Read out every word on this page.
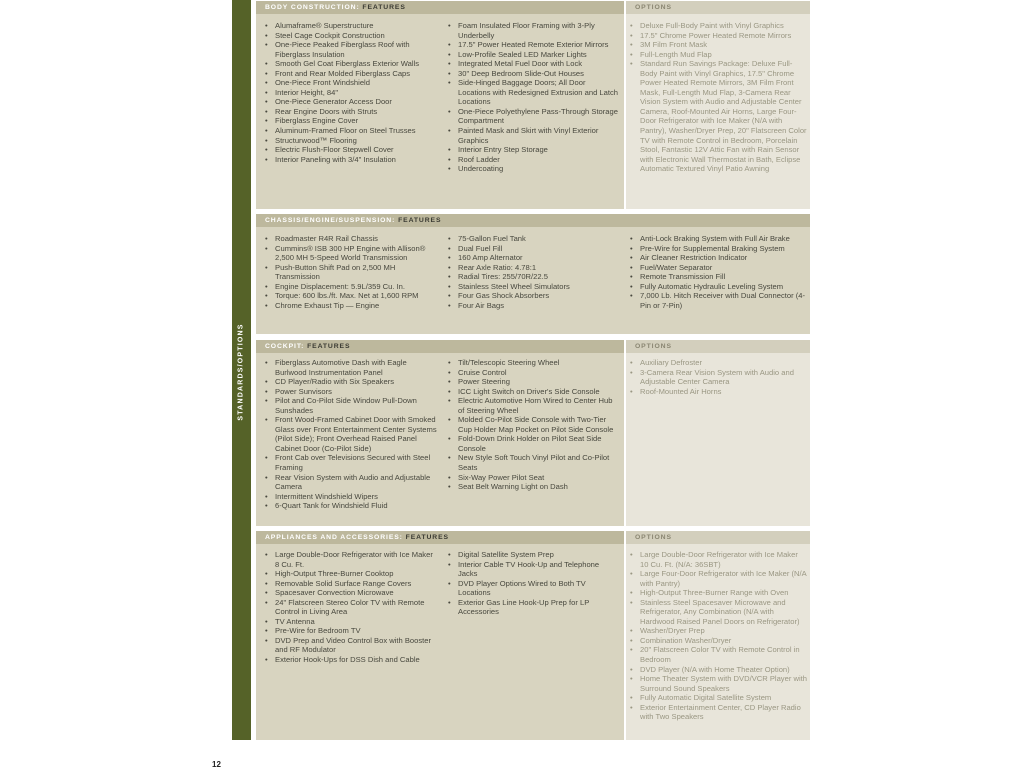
STANDARDS/OPTIONS
BODY CONSTRUCTION: FEATURES	OPTIONS
• Alumaframe® Superstructure
• Steel Cage Cockpit Construction
• One-Piece Peaked Fiberglass Roof with Fiberglass Insulation
• Smooth Gel Coat Fiberglass Exterior Walls
• Front and Rear Molded Fiberglass Caps
• One-Piece Front Windshield
• Interior Height, 84"
• One-Piece Generator Access Door
• Rear Engine Doors with Struts
• Fiberglass Engine Cover
• Aluminum-Framed Floor on Steel Trusses
• Structurwood™ Flooring
• Electric Flush-Floor Stepwell Cover
• Interior Paneling with 3/4" Insulation
• Foam Insulated Floor Framing with 3-Ply Underbelly
• 17.5" Power Heated Remote Exterior Mirrors
• Low-Profile Sealed LED Marker Lights
• Integrated Metal Fuel Door with Lock
• 30" Deep Bedroom Slide-Out Houses
• Side-Hinged Baggage Doors; All Door Locations with Redesigned Extrusion and Latch Locations
• One-Piece Polyethylene Pass-Through Storage Compartment
• Painted Mask and Skirt with Vinyl Exterior Graphics
• Interior Entry Step Storage
• Roof Ladder
• Undercoating
• Deluxe Full-Body Paint with Vinyl Graphics
• 17.5" Chrome Power Heated Remote Mirrors
• 3M Film Front Mask
• Full-Length Mud Flap
• Standard Run Savings Package: Deluxe Full-Body Paint with Vinyl Graphics, 17.5" Chrome Power Heated Remote Mirrors, 3M Film Front Mask, Full-Length Mud Flap, 3-Camera Rear Vision System with Audio and Adjustable Center Camera, Roof-Mounted Air Horns, Large Four-Door Refrigerator with Ice Maker (N/A with Pantry), Washer/Dryer Prep, 20" Flatscreen Color TV with Remote Control in Bedroom, Porcelain Stool, Fantastic 12V Attic Fan with Rain Sensor with Electronic Wall Thermostat in Bath, Eclipse Automatic Textured Vinyl Patio Awning
CHASSIS/ENGINE/SUSPENSION: FEATURES
• Roadmaster R4R Rail Chassis
• Cummins® ISB 300 HP Engine with Allison® 2,500 MH 5-Speed World Transmission
• Push-Button Shift Pad on 2,500 MH Transmission
• Engine Displacement: 5.9L/359 Cu. In.
• Torque: 600 lbs./ft. Max. Net at 1,600 RPM
• Chrome Exhaust Tip — Engine
• 75-Gallon Fuel Tank
• Dual Fuel Fill
• 160 Amp Alternator
• Rear Axle Ratio: 4.78:1
• Radial Tires: 255/70R/22.5
• Stainless Steel Wheel Simulators
• Four Gas Shock Absorbers
• Four Air Bags
• Anti-Lock Braking System with Full Air Brake
• Pre-Wire for Supplemental Braking System
• Air Cleaner Restriction Indicator
• Fuel/Water Separator
• Remote Transmission Fill
• Fully Automatic Hydraulic Leveling System
• 7,000 Lb. Hitch Receiver with Dual Connector (4-Pin or 7-Pin)
COCKPIT: FEATURES	OPTIONS
• Fiberglass Automotive Dash with Eagle Burlwood Instrumentation Panel
• CD Player/Radio with Six Speakers
• Power Sunvisors
• Pilot and Co-Pilot Side Window Pull-Down Sunshades
• Front Wood-Framed Cabinet Door with Smoked Glass over Front Entertainment Center Systems (Pilot Side); Front Overhead Raised Panel Cabinet Door (Co-Pilot Side)
• Front Cab over Televisions Secured with Steel Framing
• Rear Vision System with Audio and Adjustable Camera
• Intermittent Windshield Wipers
• 6-Quart Tank for Windshield Fluid
• Tilt/Telescopic Steering Wheel
• Cruise Control
• Power Steering
• ICC Light Switch on Driver's Side Console
• Electric Automotive Horn Wired to Center Hub of Steering Wheel
• Molded Co-Pilot Side Console with Two-Tier Cup Holder Map Pocket on Pilot Side Console
• Fold-Down Drink Holder on Pilot Seat Side Console
• New Style Soft Touch Vinyl Pilot and Co-Pilot Seats
• Six-Way Power Pilot Seat
• Seat Belt Warning Light on Dash
• Auxiliary Defroster
• 3-Camera Rear Vision System with Audio and Adjustable Center Camera
• Roof-Mounted Air Horns
APPLIANCES AND ACCESSORIES: FEATURES	OPTIONS
• Large Double-Door Refrigerator with Ice Maker 8 Cu. Ft.
• High-Output Three-Burner Cooktop
• Removable Solid Surface Range Covers
• Spacesaver Convection Microwave
• 24" Flatscreen Stereo Color TV with Remote Control in Living Area
• TV Antenna
• Pre-Wire for Bedroom TV
• DVD Prep and Video Control Box with Booster and RF Modulator
• Exterior Hook-Ups for DSS Dish and Cable
• Digital Satellite System Prep
• Interior Cable TV Hook-Up and Telephone Jacks
• DVD Player Options Wired to Both TV Locations
• Exterior Gas Line Hook-Up Prep for LP Accessories
• Large Double-Door Refrigerator with Ice Maker 10 Cu. Ft. (N/A: 36SBT)
• Large Four-Door Refrigerator with Ice Maker (N/A with Pantry)
• High-Output Three-Burner Range with Oven
• Stainless Steel Spacesaver Microwave and Refrigerator, Any Combination (N/A with Hardwood Raised Panel Doors on Refrigerator)
• Washer/Dryer Prep
• Combination Washer/Dryer
• 20" Flatscreen Color TV with Remote Control in Bedroom
• DVD Player (N/A with Home Theater Option)
• Home Theater System with DVD/VCR Player with Surround Sound Speakers
• Fully Automatic Digital Satellite System
• Exterior Entertainment Center, CD Player Radio with Two Speakers
12
